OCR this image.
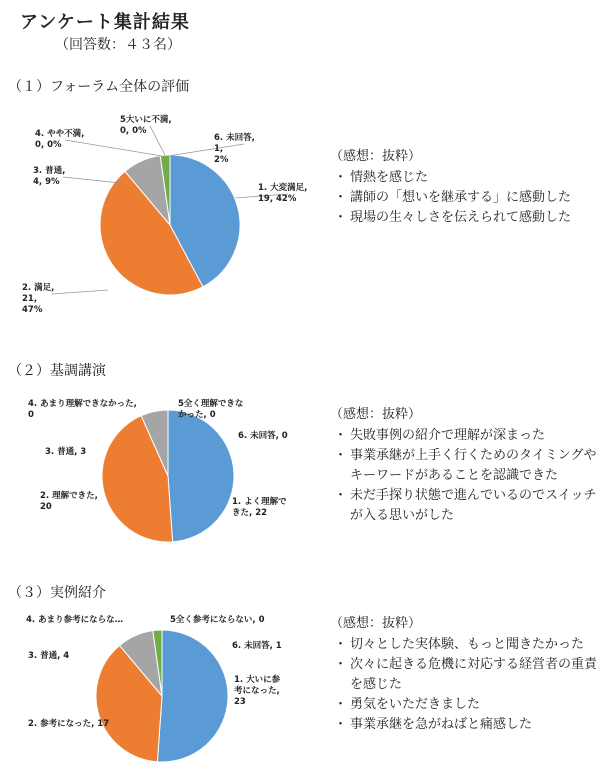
アンケート集計結果
（回答数：４３名）
（１）フォーラム全体の評価
1. 大変満足, 19, 42%
2. 満足, 21, 47%
3. 普通, 4, 9%
4. やや不満, 0, 0%
5大いに不満, 0, 0%
6. 未回答, 1, 2%	（感想：抜粋）
・ 情熱を感じた
・ 講師の「想いを継承する」に感動した
・ 現場の生々しさを伝えられて感動した
（２）基調講演
1. よく理解できた, 22
2. 理解できた, 20
3. 普通, 3
4. あまり理解できなかった, 0
5全く理解できなかった, 0
6. 未回答, 0
（感想：抜粋）
・ 失敗事例の紹介で理解が深まった
・ 事業承継が上手く行くためのタイミングやキーワードがあることを認識できた
・ 未だ手探り状態で進んでいるのでスイッチが入る思いがした
（３）実例紹介
1. 大いに参考になった, 23
2. 参考になった, 17
3. 普通, 4
4. あまり参考にならな…	5全く参考にならない, 0
6. 未回答, 1
（感想：抜粋）
・ 切々とした実体験、もっと聞きたかった
・ 次々に起きる危機に対応する経営者の重責を感じた
・ 勇気をいただきました
・ 事業承継を急がねばと痛感した
